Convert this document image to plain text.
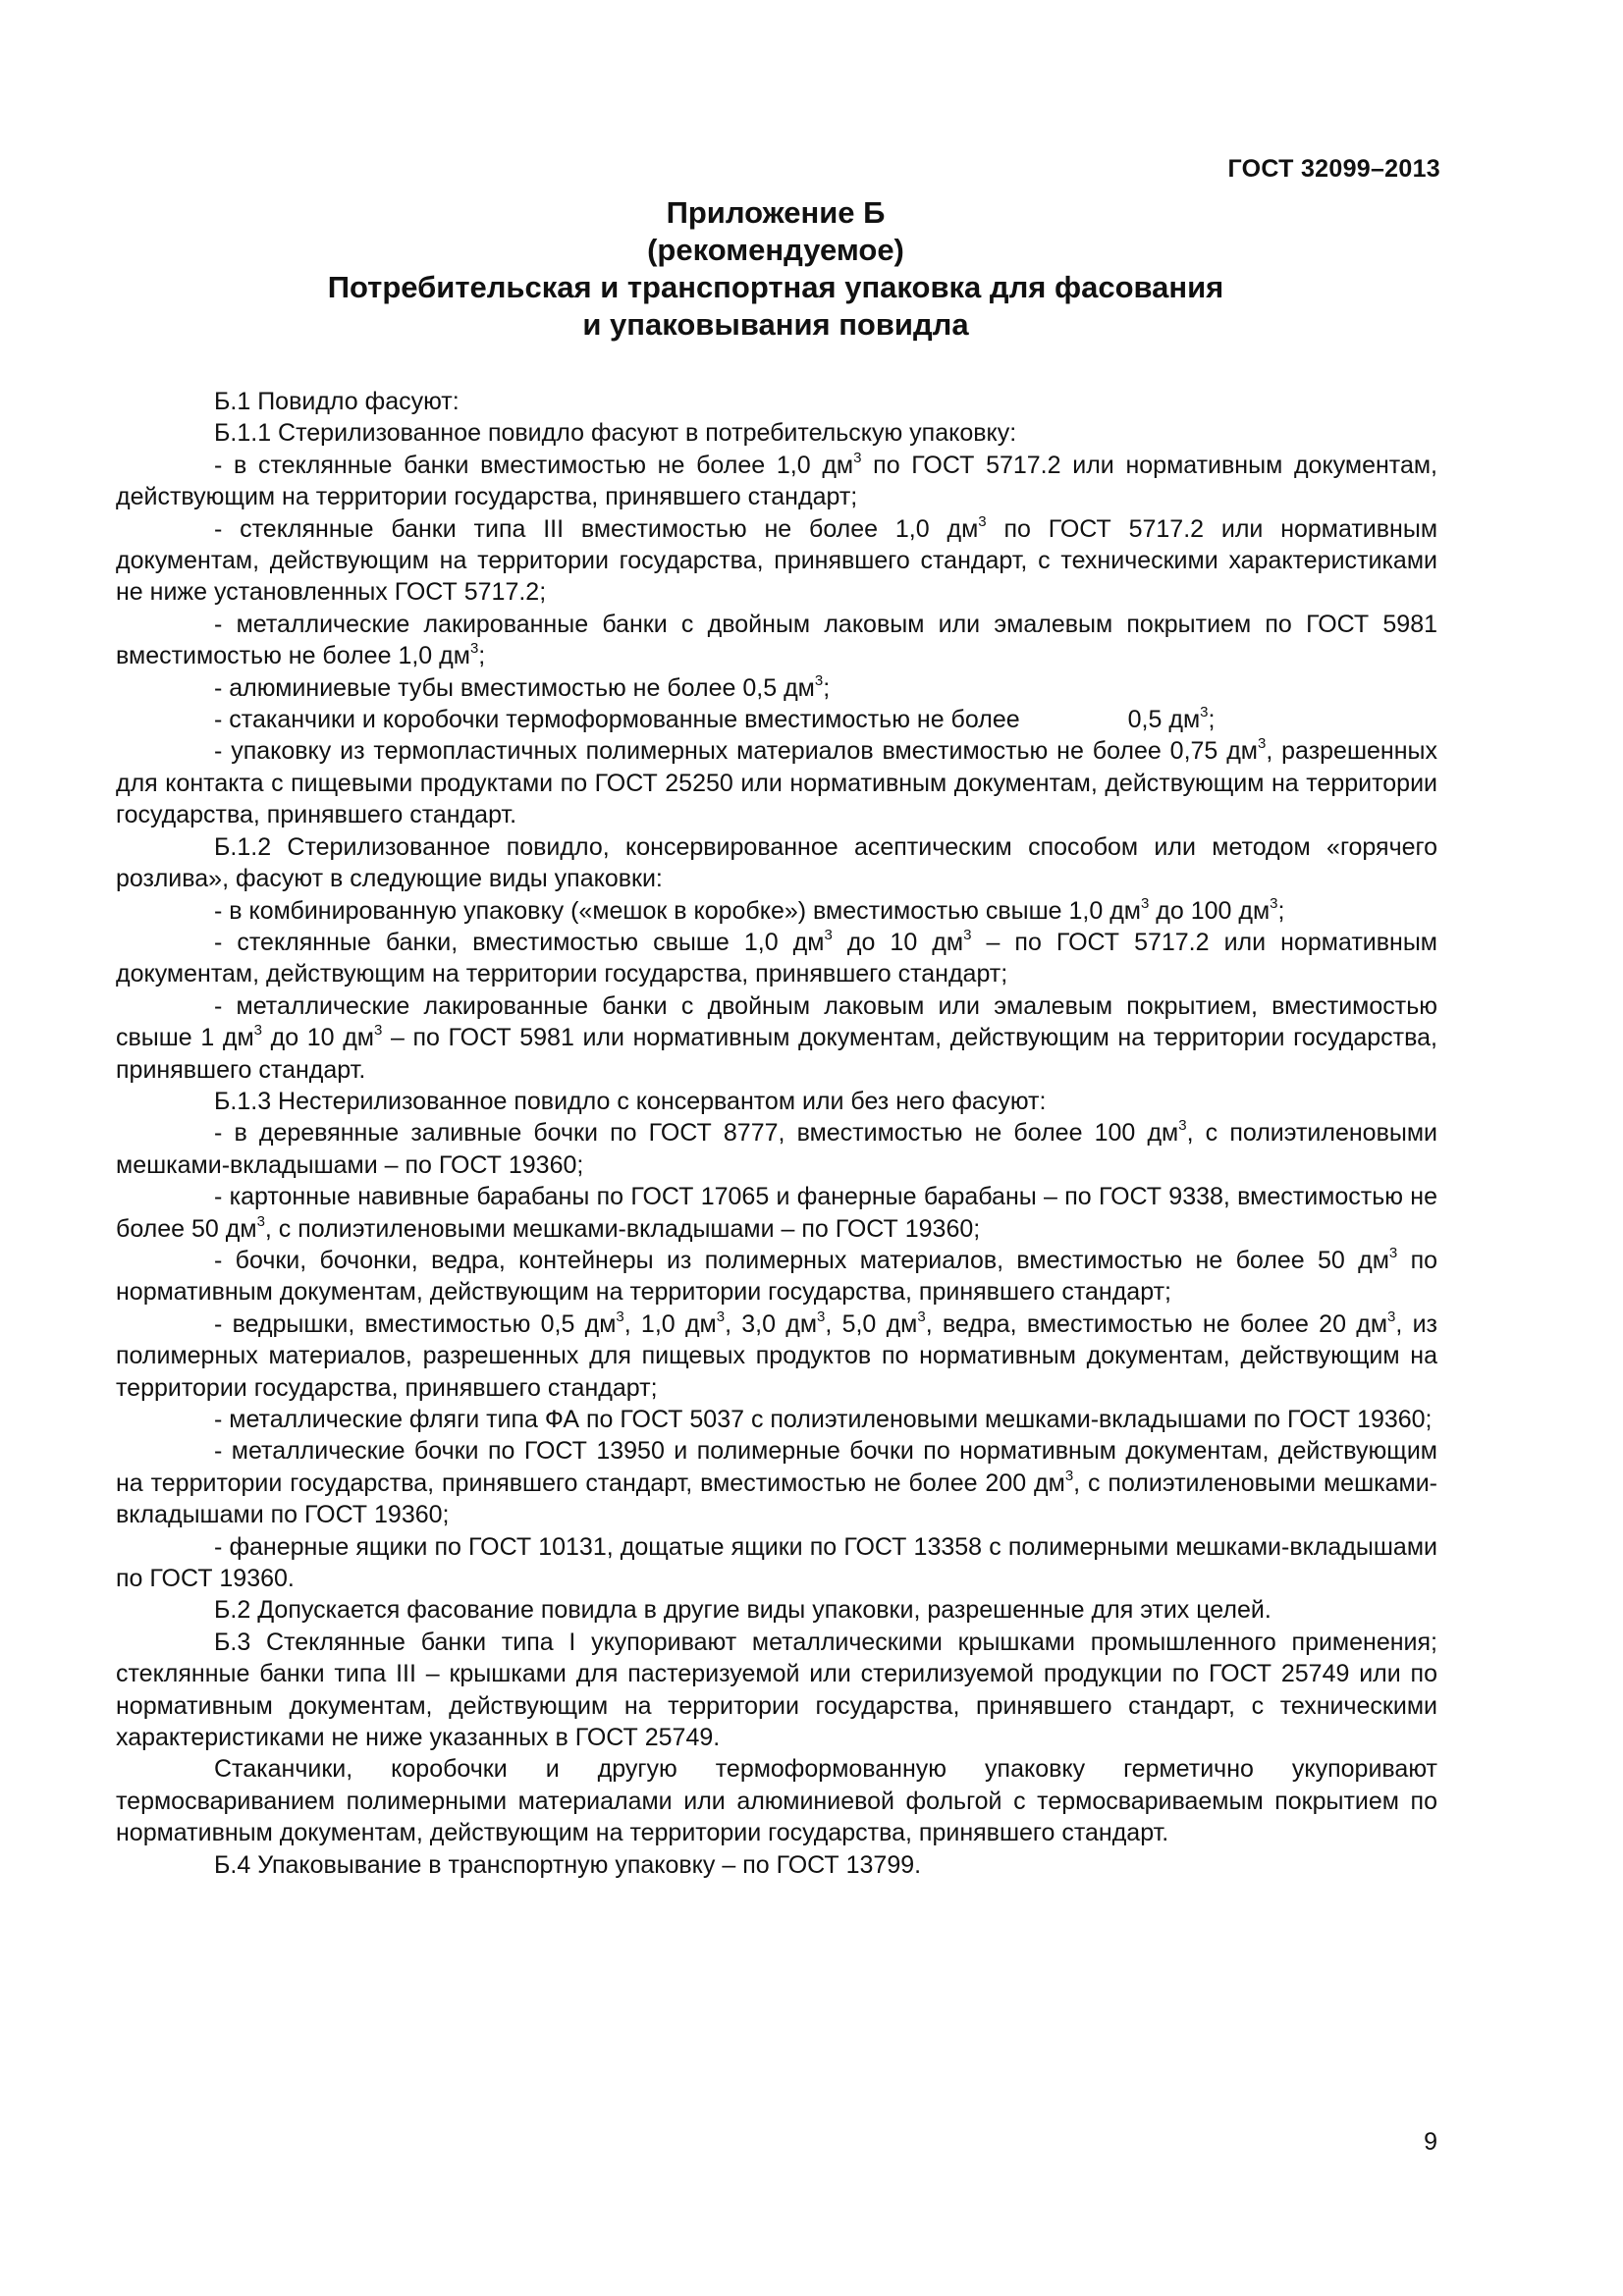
ГОСТ 32099–2013
Приложение Б
(рекомендуемое)
Потребительская и транспортная упаковка для фасования
и упаковывания повидла

Б.1 Повидло фасуют:

Б.1.1 Стерилизованное повидло фасуют в потребительскую упаковку:

- в стеклянные банки вместимостью не более 1,0 $дм^3$ по ГОСТ 5717.2 или нормативным документам, действующим на территории государства, принявшего стандарт;

- стеклянные банки типа III вместимостью не более 1,0 $дм^3$ по ГОСТ 5717.2 или нормативным документам, действующим на территории государства, принявшего стандарт, с техническими характеристиками не ниже установленных ГОСТ 5717.2;

- металлические лакированные банки с двойным лаковым или эмалевым покрытием по ГОСТ 5981 вместимостью не более 1,0 $дм^3$;

- алюминиевые тубы вместимостью не более 0,5 $дм^3$;

- стаканчики и коробочки термоформованные вместимостью не более	0,5 $дм^3$;

- упаковку из термопластичных полимерных материалов вместимостью не более 0,75 $дм^3$, разрешенных для контакта с пищевыми продуктами по ГОСТ 25250 или нормативным документам, действующим на территории государства, принявшего стандарт.

Б.1.2 Стерилизованное повидло, консервированное асептическим способом или методом «горячего розлива», фасуют в следующие виды упаковки:

- в комбинированную упаковку («мешок в коробке») вместимостью свыше 1,0 $дм^3$ до 100 $дм^3$;

- стеклянные банки, вместимостью свыше 1,0 $дм^3$ до 10 $дм^3$ – по ГОСТ 5717.2 или нормативным документам, действующим на территории государства, принявшего стандарт;

- металлические лакированные банки с двойным лаковым или эмалевым покрытием, вместимостью свыше 1 $дм^3$ до 10 $дм^3$ – по ГОСТ 5981 или нормативным документам, действующим на территории государства, принявшего стандарт.

Б.1.3 Нестерилизованное повидло с консервантом или без него фасуют:

- в деревянные заливные бочки по ГОСТ 8777, вместимостью не более 100 $дм^3$, с полиэтиленовыми мешками-вкладышами – по ГОСТ 19360;

- картонные навивные барабаны по ГОСТ 17065 и фанерные барабаны – по ГОСТ 9338, вместимостью не более 50 $дм^3$, с полиэтиленовыми мешками-вкладышами – по ГОСТ 19360;

- бочки, бочонки, ведра, контейнеры из полимерных материалов, вместимостью не более 50 $дм^3$ по нормативным документам, действующим на территории государства, принявшего стандарт;

- ведрышки, вместимостью 0,5 $дм^3$, 1,0 $дм^3$, 3,0 $дм^3$, 5,0 $дм^3$, ведра, вместимостью не более 20 $дм^3$, из полимерных материалов, разрешенных для пищевых продуктов по нормативным документам, действующим на территории государства, принявшего стандарт;

- металлические фляги типа ФА по ГОСТ 5037 с полиэтиленовыми мешками-вкладышами по ГОСТ 19360;

- металлические бочки по ГОСТ 13950 и полимерные бочки по нормативным документам, действующим на территории государства, принявшего стандарт, вместимостью не более 200 $дм^3$, с полиэтиленовыми мешками-вкладышами по ГОСТ 19360;

- фанерные ящики по ГОСТ 10131, дощатые ящики по ГОСТ 13358 с полимерными мешками-вкладышами по ГОСТ 19360.

Б.2 Допускается фасование повидла в другие виды упаковки, разрешенные для этих целей.

Б.3 Стеклянные банки типа I укупоривают металлическими крышками промышленного применения; стеклянные банки типа III – крышками для пастеризуемой или стерилизуемой продукции по ГОСТ 25749 или по нормативным документам, действующим на территории государства, принявшего стандарт, с техническими характеристиками не ниже указанных в ГОСТ 25749.

Стаканчики, коробочки и другую термоформованную упаковку герметично укупоривают термосвариванием полимерными материалами или алюминиевой фольгой с термосвариваемым покрытием по нормативным документам, действующим на территории государства, принявшего стандарт.

Б.4 Упаковывание в транспортную упаковку – по ГОСТ 13799.

9
